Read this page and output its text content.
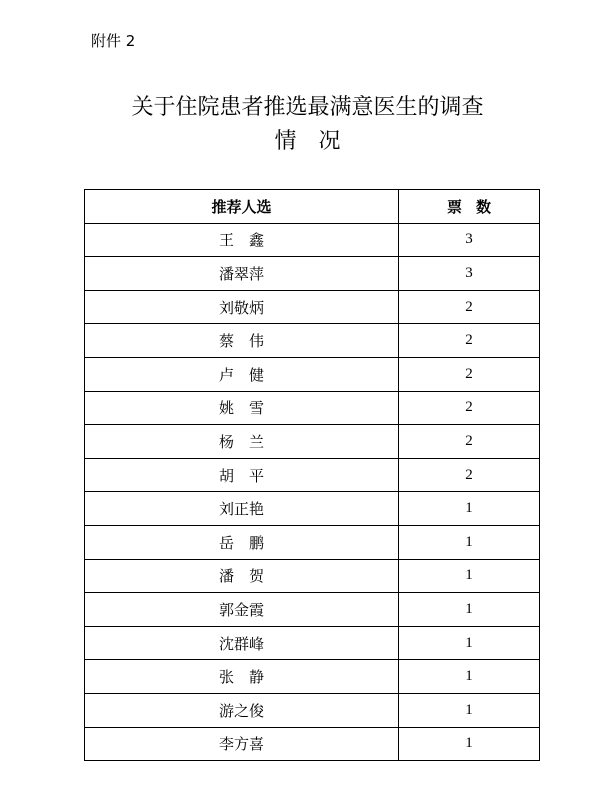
附件 2
关于住院患者推选最满意医生的调查
情况
推荐人选	票数
王　鑫	3
潘翠萍	3
刘敬炳	2
蔡　伟	2
卢　健	2
姚　雪	2
杨　兰	2
胡　平	2
刘正艳	1
岳　鹏	1
潘　贺	1
郭金霞	1
沈群峰	1
张　静	1
游之俊	1
李方喜	1
